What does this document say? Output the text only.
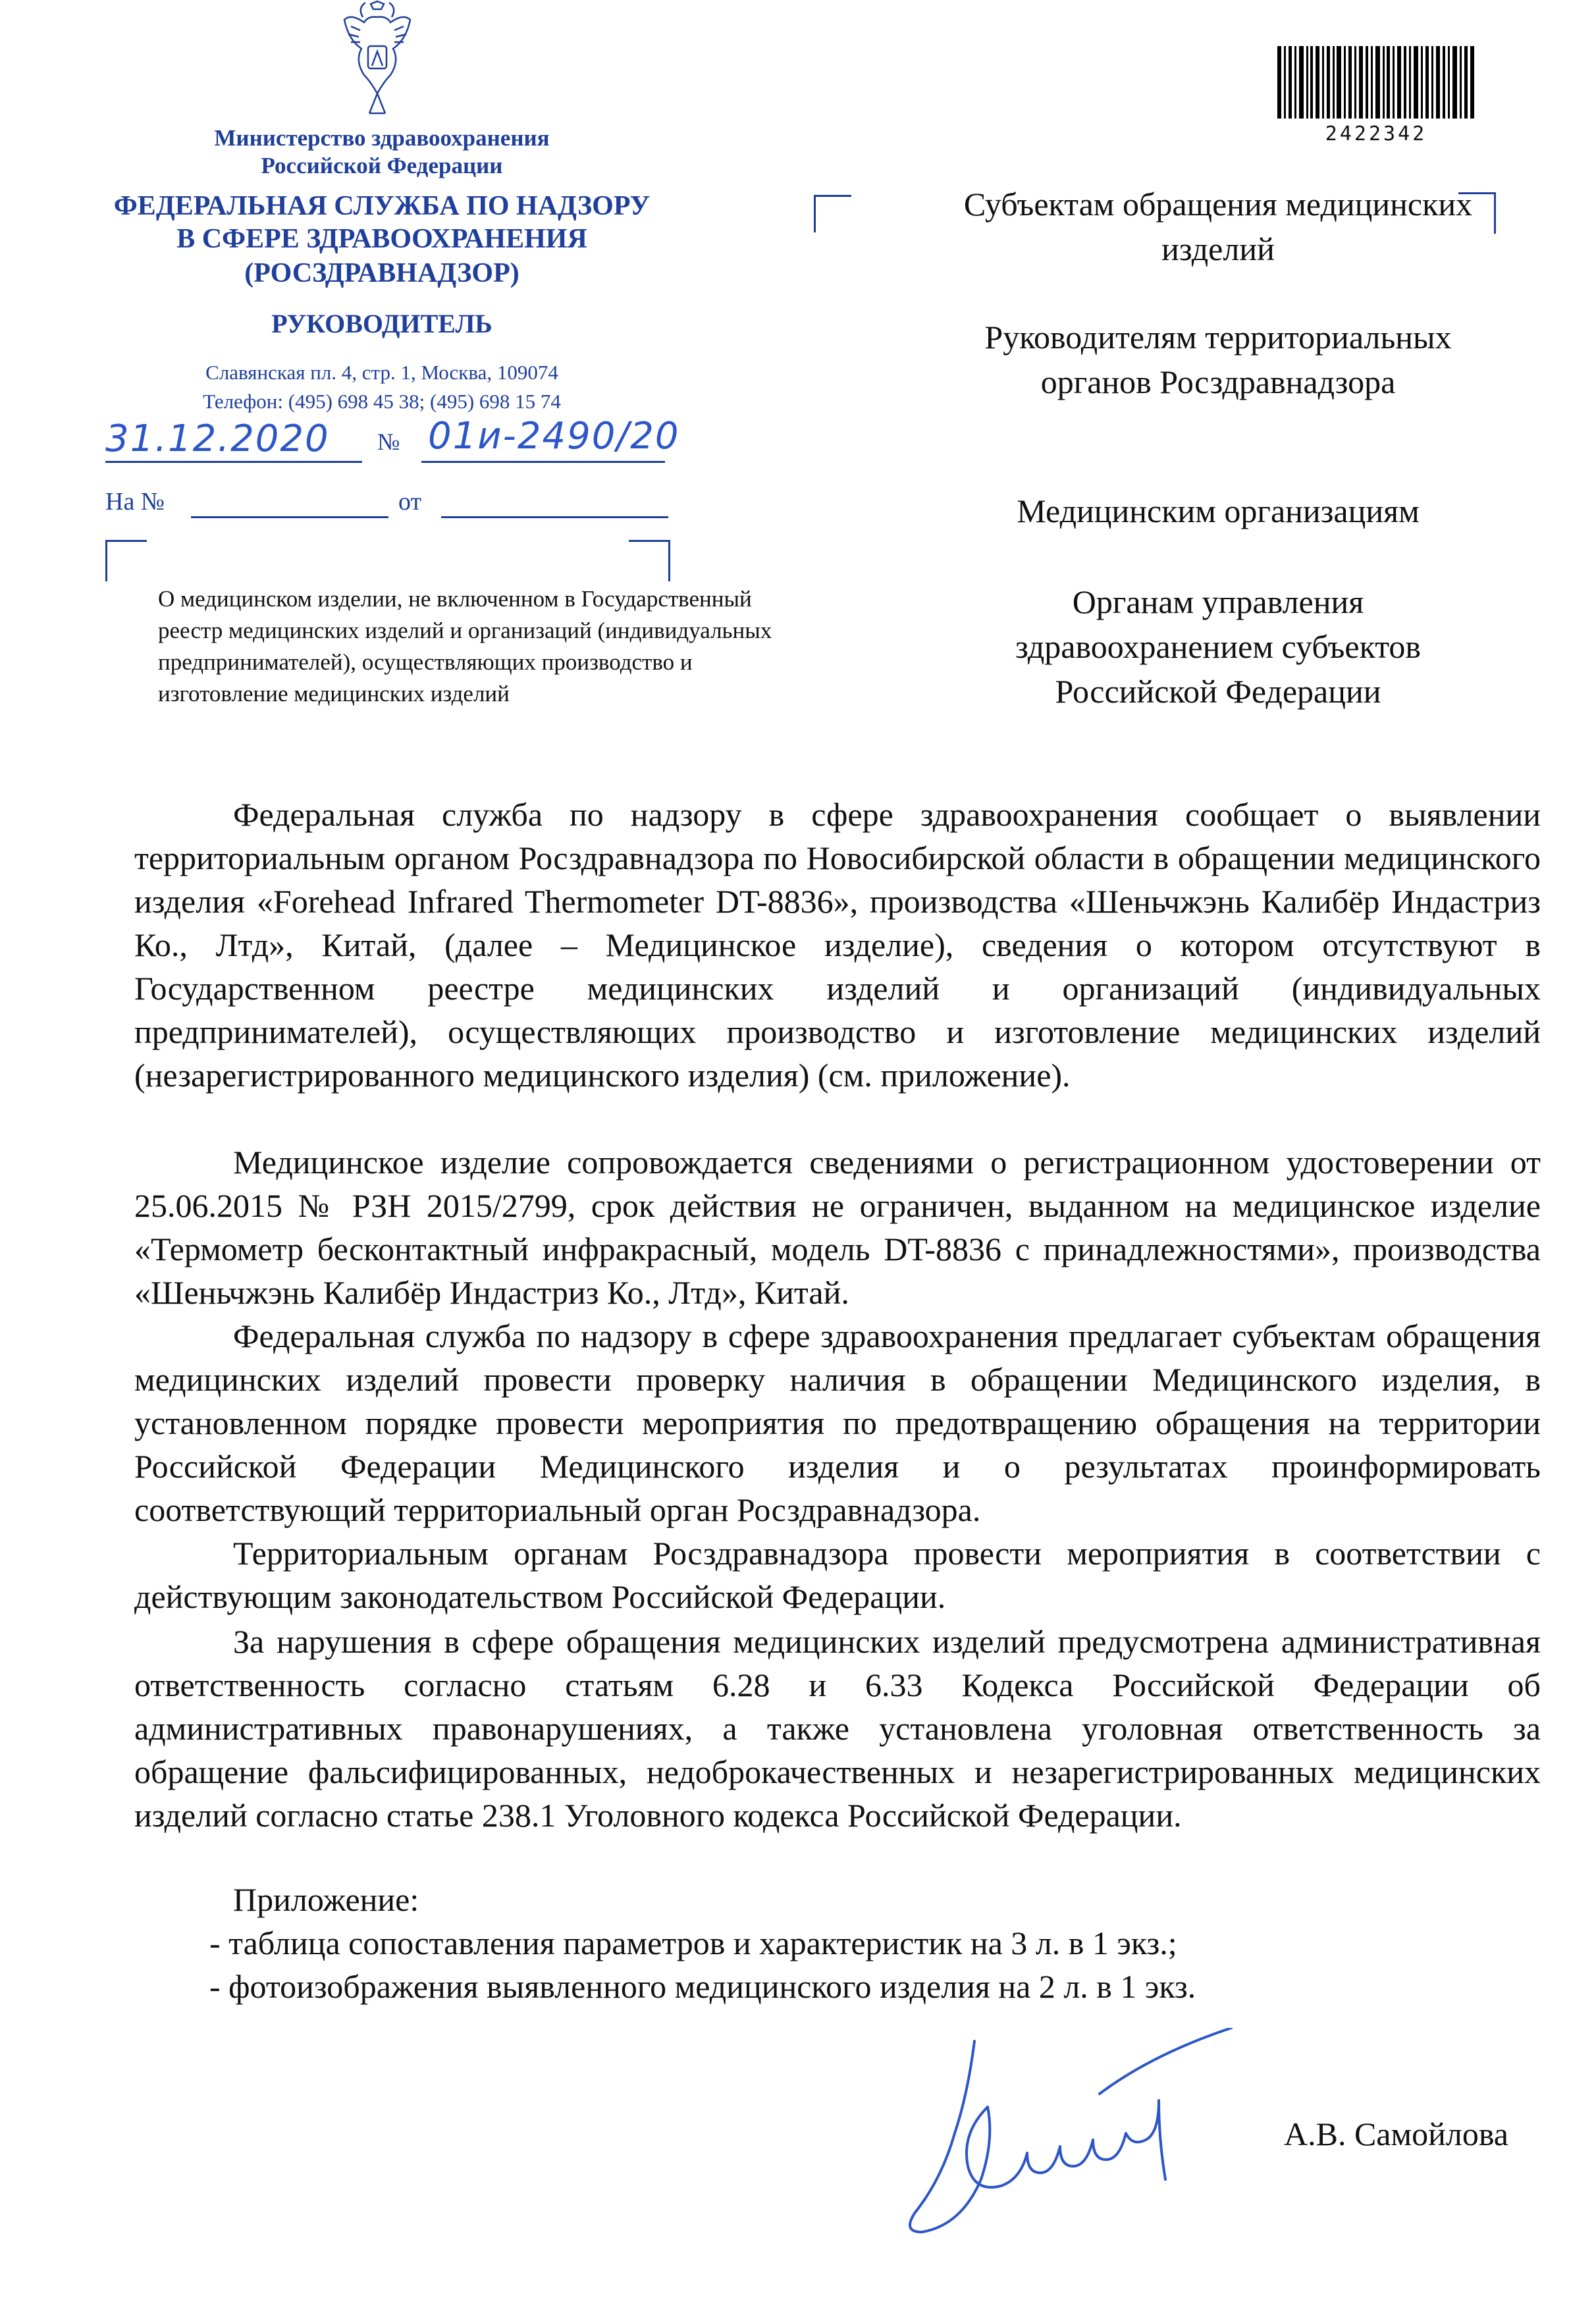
Министерство здравоохранения
Российской Федерации
ФЕДЕРАЛЬНАЯ СЛУЖБА ПО НАДЗОРУ
В СФЕРЕ ЗДРАВООХРАНЕНИЯ
(РОСЗДРАВНАДЗОР)
РУКОВОДИТЕЛЬ
Славянская пл. 4, стр. 1, Москва, 109074
Телефон: (495) 698 45 38; (495) 698 15 74
31.12.2020 № 01и-2490/20
На №	от
О медицинском изделии, не включенном в Государственный реестр медицинских изделий и организаций (индивидуальных предпринимателей), осуществляющих производство и изготовление медицинских изделий
2422342
Субъектам обращения медицинских изделий
Руководителям территориальных органов Росздравнадзора
Медицинским организациям
Органам управления здравоохранением субъектов Российской Федерации

Федеральная служба по надзору в сфере здравоохранения сообщает о выявлении территориальным органом Росздравнадзора по Новосибирской области в обращении медицинского изделия «Forehead Infrared Thermometer DT-8836», производства «Шеньчжэнь Калибёр Индастриз Ко., Лтд», Китай, (далее – Медицинское изделие), сведения о котором отсутствуют в Государственном реестре медицинских изделий и организаций (индивидуальных предпринимателей), осуществляющих производство и изготовление медицинских изделий (незарегистрированного медицинского изделия) (см. приложение).

Медицинское изделие сопровождается сведениями о регистрационном удостоверении от 25.06.2015 № РЗН 2015/2799, срок действия не ограничен, выданном на медицинское изделие «Термометр бесконтактный инфракрасный, модель DT-8836 с принадлежностями», производства «Шеньчжэнь Калибёр Индастриз Ко., Лтд», Китай.

Федеральная служба по надзору в сфере здравоохранения предлагает субъектам обращения медицинских изделий провести проверку наличия в обращении Медицинского изделия, в установленном порядке провести мероприятия по предотвращению обращения на территории Российской Федерации Медицинского изделия и о результатах проинформировать соответствующий территориальный орган Росздравнадзора.

Территориальным органам Росздравнадзора провести мероприятия в соответствии с действующим законодательством Российской Федерации.

За нарушения в сфере обращения медицинских изделий предусмотрена административная ответственность согласно статьям 6.28 и 6.33 Кодекса Российской Федерации об административных правонарушениях, а также установлена уголовная ответственность за обращение фальсифицированных, недоброкачественных и незарегистрированных медицинских изделий согласно статье 238.1 Уголовного кодекса Российской Федерации.

Приложение:
- таблица сопоставления параметров и характеристик на 3 л. в 1 экз.;
- фотоизображения выявленного медицинского изделия на 2 л. в 1 экз.
А.В. Самойлова
